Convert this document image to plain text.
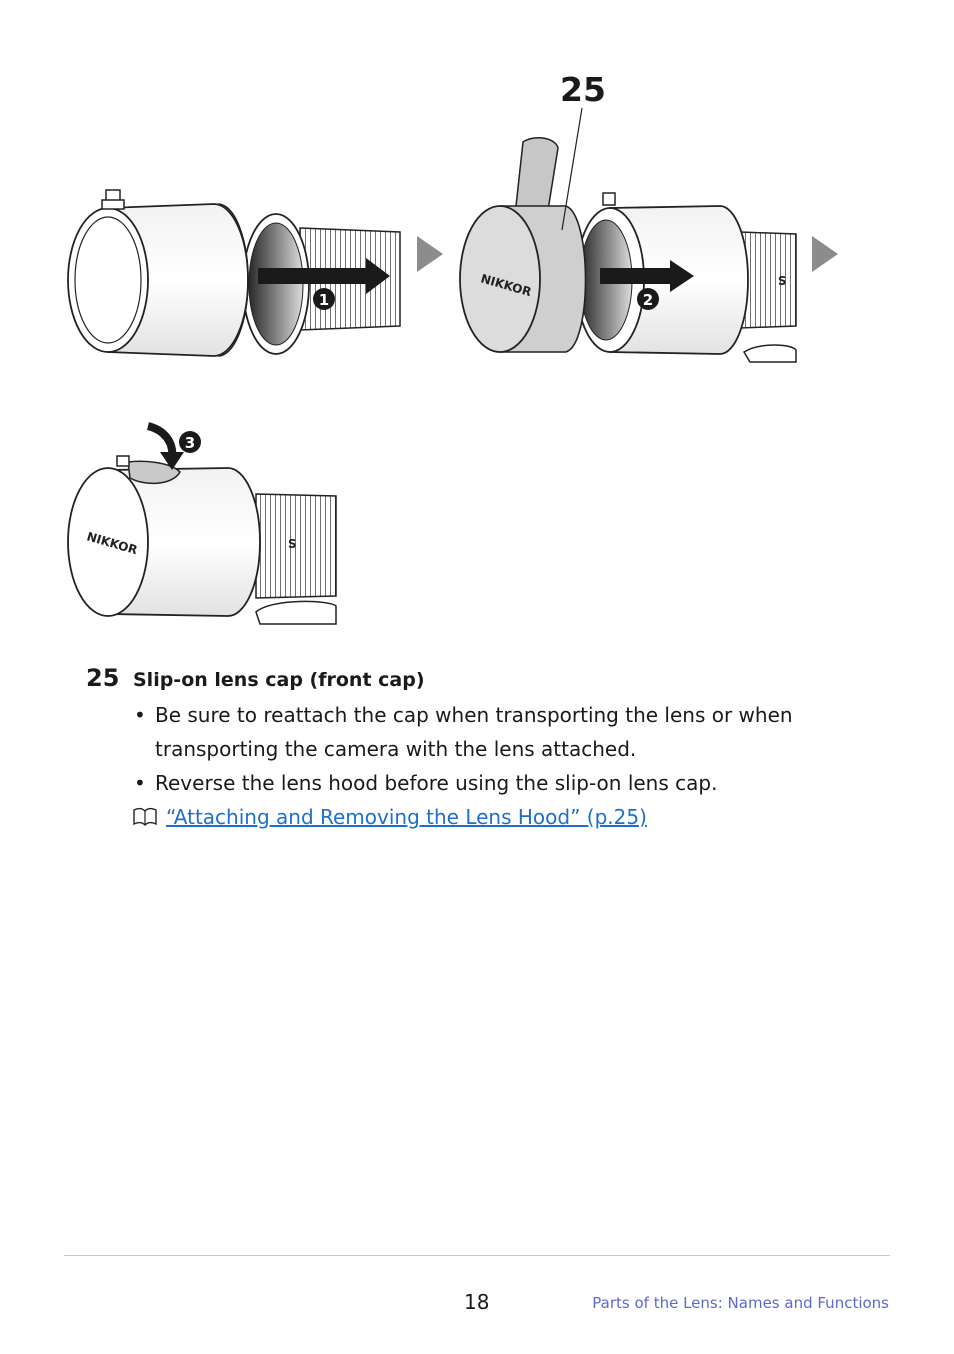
1
S
NIKKOR
2
S
NIKKOR
3
25
25 Slip-on lens cap (front cap)
• Be sure to reattach the cap when transporting the lens or when transporting the camera with the lens attached.
• Reverse the lens hood before using the slip-on lens cap.
“Attaching and Removing the Lens Hood” (p.25)
18	Parts of the Lens: Names and Functions
